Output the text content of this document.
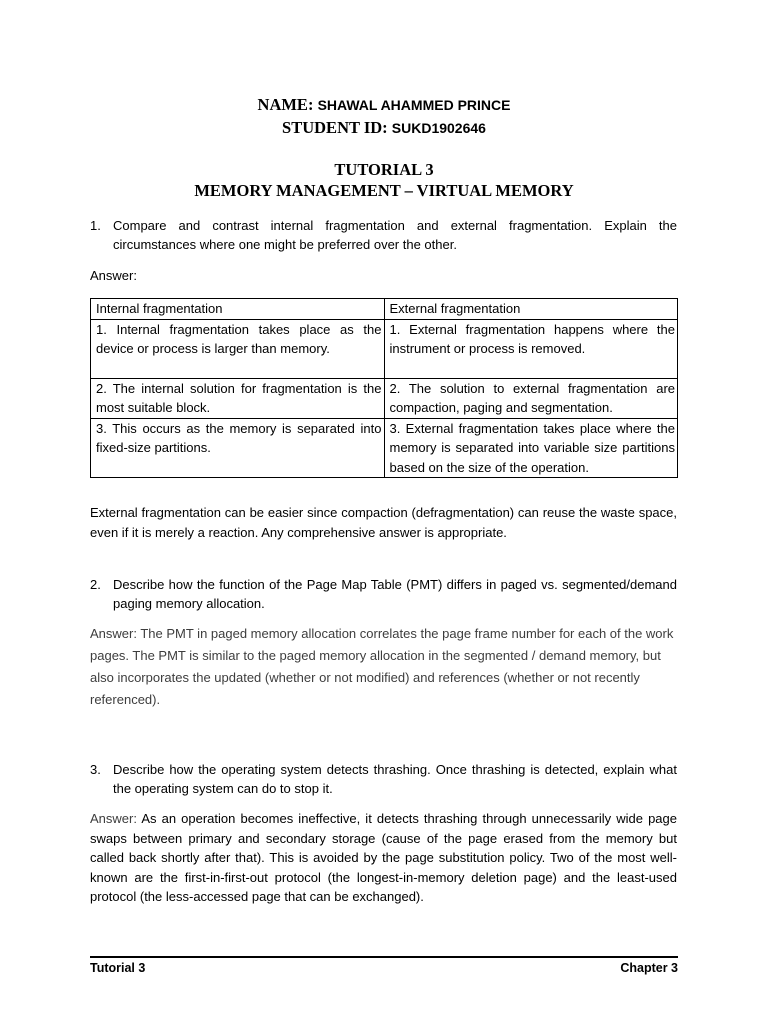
NAME: SHAWAL AHAMMED PRINCE
STUDENT ID: SUKD1902646
TUTORIAL 3
MEMORY MANAGEMENT – VIRTUAL MEMORY
1. Compare and contrast internal fragmentation and external fragmentation. Explain the circumstances where one might be preferred over the other.
Answer:
Internal fragmentation	External fragmentation
1. Internal fragmentation takes place as the device or process is larger than memory.	1. External fragmentation happens where the instrument or process is removed.
2. The internal solution for fragmentation is the most suitable block.	2. The solution to external fragmentation are compaction, paging and segmentation.
3. This occurs as the memory is separated into fixed-size partitions.	3. External fragmentation takes place where the memory is separated into variable size partitions based on the size of the operation.
External fragmentation can be easier since compaction (defragmentation) can reuse the waste space, even if it is merely a reaction. Any comprehensive answer is appropriate.
2. Describe how the function of the Page Map Table (PMT) differs in paged vs. segmented/demand paging memory allocation.
Answer: The PMT in paged memory allocation correlates the page frame number for each of the work pages. The PMT is similar to the paged memory allocation in the segmented / demand memory, but also incorporates the updated (whether or not modified) and references (whether or not recently referenced).
3. Describe how the operating system detects thrashing. Once thrashing is detected, explain what the operating system can do to stop it.
Answer: As an operation becomes ineffective, it detects thrashing through unnecessarily wide page swaps between primary and secondary storage (cause of the page erased from the memory but called back shortly after that). This is avoided by the page substitution policy. Two of the most well-known are the first-in-first-out protocol (the longest-in-memory deletion page) and the least-used protocol (the less-accessed page that can be exchanged).
Tutorial 3	Chapter 3
